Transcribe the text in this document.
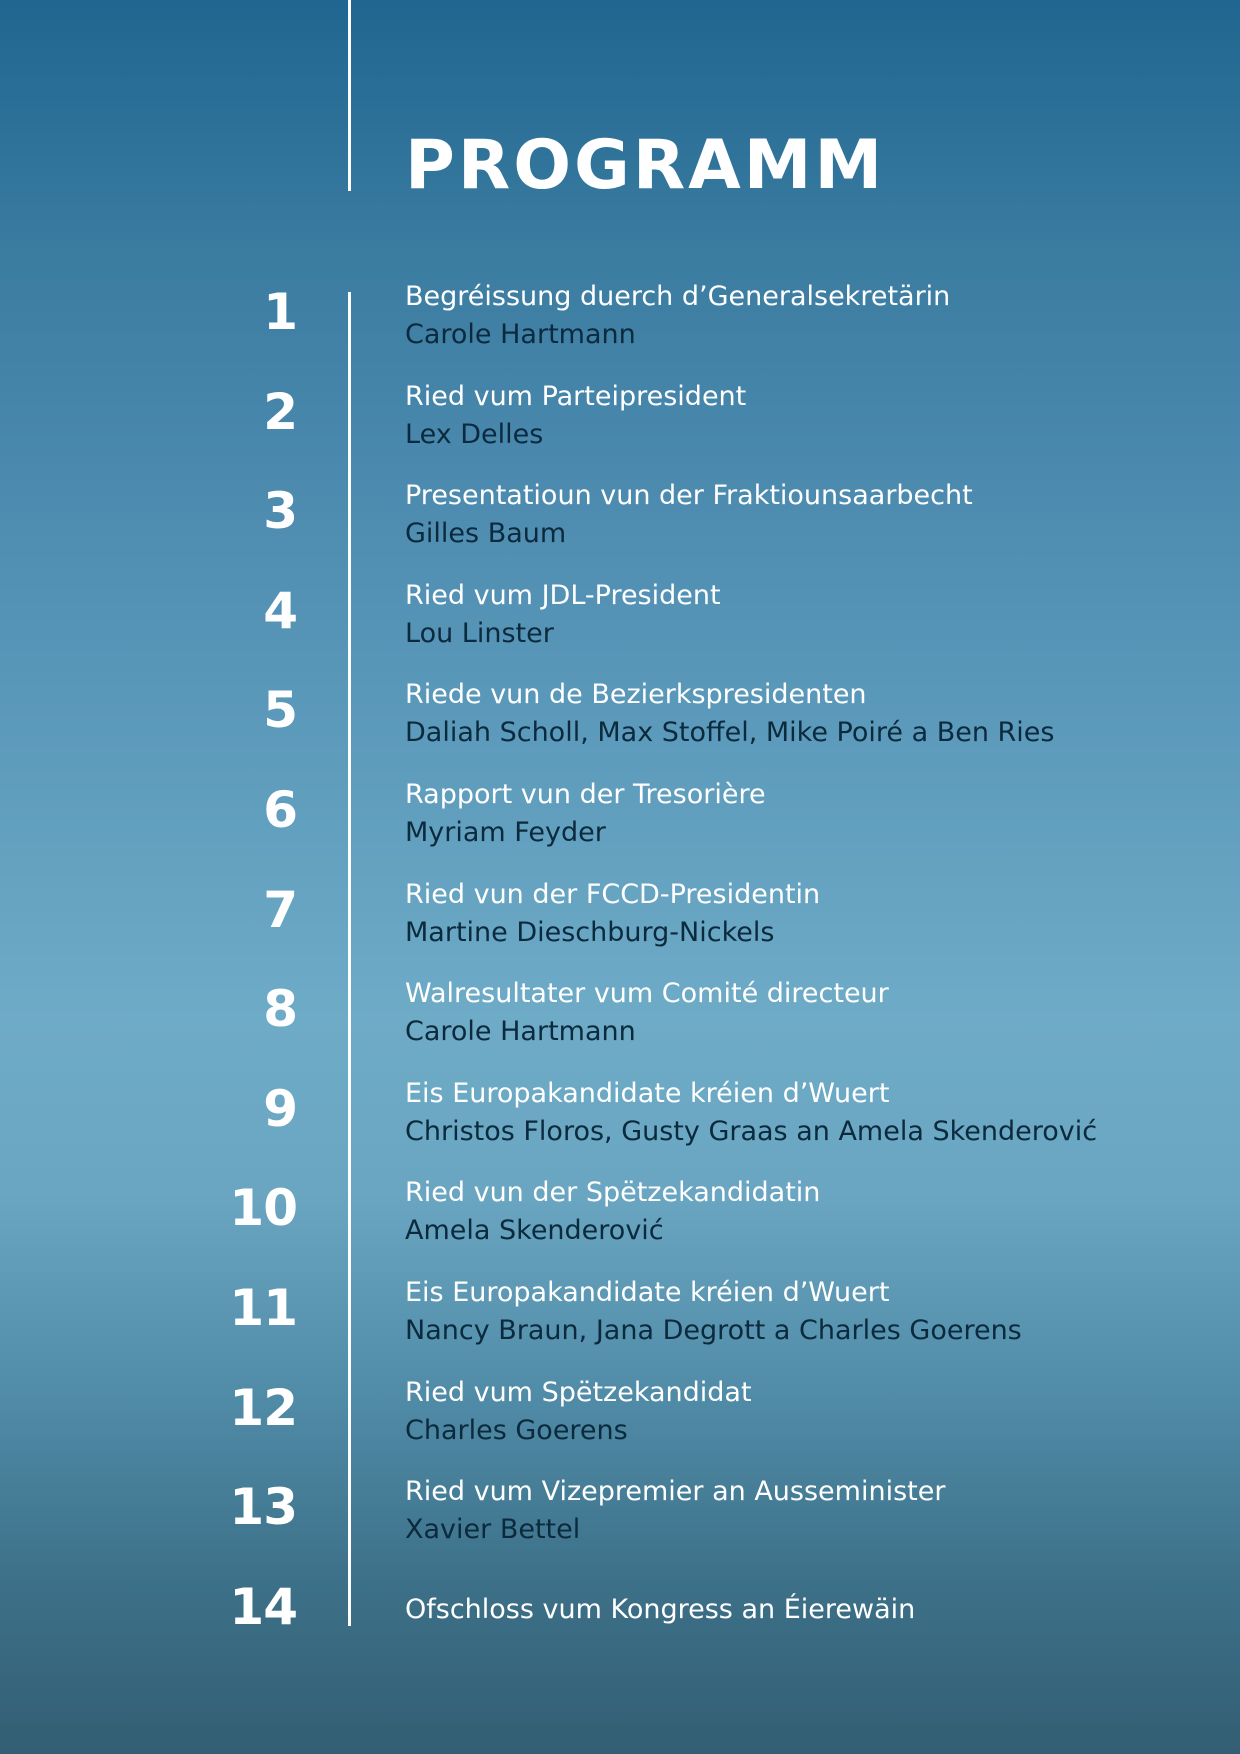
PROGRAMM
1	Begréissung duerch d’Generalsekretärin
Carole Hartmann
2	Ried vum Parteipresident
Lex Delles
3	Presentatioun vun der Fraktiounsaarbecht
Gilles Baum
4	Ried vum JDL-President
Lou Linster
5	Riede vun de Bezierkspresidenten
Daliah Scholl, Max Stoffel, Mike Poiré a Ben Ries
6	Rapport vun der Tresorière
Myriam Feyder
7	Ried vun der FCCD-Presidentin
Martine Dieschburg-Nickels
8	Walresultater vum Comité directeur
Carole Hartmann
9	Eis Europakandidate kréien d’Wuert
Christos Floros, Gusty Graas an Amela Skenderović
10	Ried vun der Spëtzekandidatin
Amela Skenderović
11	Eis Europakandidate kréien d’Wuert
Nancy Braun, Jana Degrott a Charles Goerens
12	Ried vum Spëtzekandidat
Charles Goerens
13	Ried vum Vizepremier an Ausseminister
Xavier Bettel
14	Ofschloss vum Kongress an Éierewäin
